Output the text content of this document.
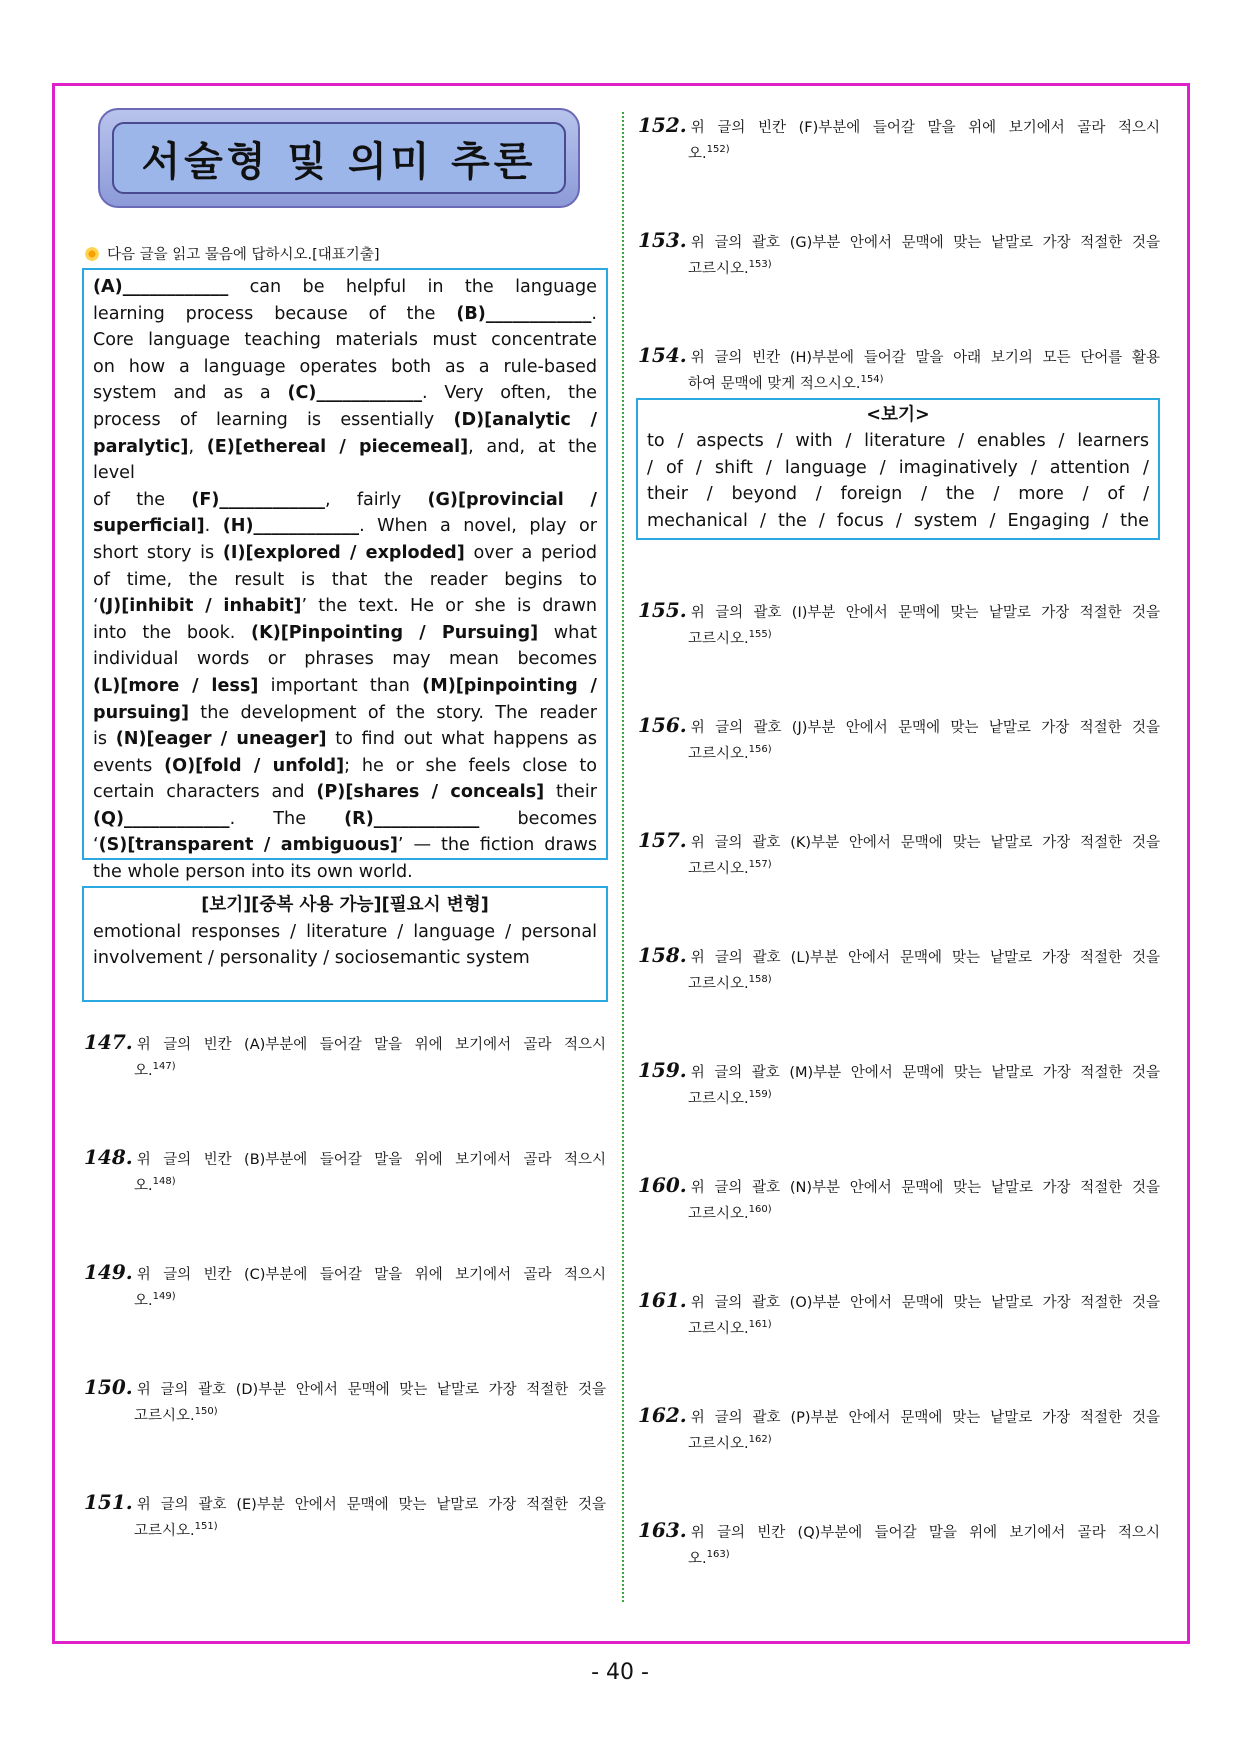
서술형 및 의미 추론
다음 글을 읽고 물음에 답하시오.[대표기출]
(A)____________ can be helpful in the language
learning process because of the (B)____________.
Core language teaching materials must concentrate
on how a language operates both as a rule-based
system and as a (C)____________. Very often, the
process of learning is essentially (D)[analytic /
paralytic], (E)[ethereal / piecemeal], and, at the level
of the (F)____________, fairly (G)[provincial /
superficial]. (H)____________. When a novel, play or
short story is (I)[explored / exploded] over a period
of time, the result is that the reader begins to
‘(J)[inhibit / inhabit]’ the text. He or she is drawn
into the book. (K)[Pinpointing / Pursuing] what
individual words or phrases may mean becomes
(L)[more / less] important than (M)[pinpointing /
pursuing] the development of the story. The reader
is (N)[eager / uneager] to find out what happens as
events (O)[fold / unfold]; he or she feels close to
certain characters and (P)[shares / conceals] their
(Q)____________. The (R)____________ becomes
‘(S)[transparent / ambiguous]’ — the fiction draws
the whole person into its own world.
[보기][중복 사용 가능][필요시 변형]
emotional responses / literature / language / personal involvement / personality / sociosemantic system
147. 위 글의 빈칸 (A)부분에 들어갈 말을 위에 보기에서 골라 적으시
오.$^{147)}$
148. 위 글의 빈칸 (B)부분에 들어갈 말을 위에 보기에서 골라 적으시
오.$^{148)}$
149. 위 글의 빈칸 (C)부분에 들어갈 말을 위에 보기에서 골라 적으시
오.$^{149)}$
150. 위 글의 괄호 (D)부분 안에서 문맥에 맞는 낱말로 가장 적절한 것을
고르시오.$^{150)}$
151. 위 글의 괄호 (E)부분 안에서 문맥에 맞는 낱말로 가장 적절한 것을
고르시오.$^{151)}$
152. 위 글의 빈칸 (F)부분에 들어갈 말을 위에 보기에서 골라 적으시
오.$^{152)}$
153. 위 글의 괄호 (G)부분 안에서 문맥에 맞는 낱말로 가장 적절한 것을
고르시오.$^{153)}$
154. 위 글의 빈칸 (H)부분에 들어갈 말을 아래 보기의 모든 단어를 활용
하여 문맥에 맞게 적으시오.$^{154)}$
155. 위 글의 괄호 (I)부분 안에서 문맥에 맞는 낱말로 가장 적절한 것을
고르시오.$^{155)}$
156. 위 글의 괄호 (J)부분 안에서 문맥에 맞는 낱말로 가장 적절한 것을
고르시오.$^{156)}$
157. 위 글의 괄호 (K)부분 안에서 문맥에 맞는 낱말로 가장 적절한 것을
고르시오.$^{157)}$
158. 위 글의 괄호 (L)부분 안에서 문맥에 맞는 낱말로 가장 적절한 것을
고르시오.$^{158)}$
159. 위 글의 괄호 (M)부분 안에서 문맥에 맞는 낱말로 가장 적절한 것을
고르시오.$^{159)}$
160. 위 글의 괄호 (N)부분 안에서 문맥에 맞는 낱말로 가장 적절한 것을
고르시오.$^{160)}$
161. 위 글의 괄호 (O)부분 안에서 문맥에 맞는 낱말로 가장 적절한 것을
고르시오.$^{161)}$
162. 위 글의 괄호 (P)부분 안에서 문맥에 맞는 낱말로 가장 적절한 것을
고르시오.$^{162)}$
163. 위 글의 빈칸 (Q)부분에 들어갈 말을 위에 보기에서 골라 적으시
오.$^{163)}$
<보기>
to / aspects / with / literature / enables / learners
/ of / shift / language / imaginatively / attention /
their / beyond / foreign / the / more / of /
mechanical / the / focus / system / Engaging / the
- 40 -
